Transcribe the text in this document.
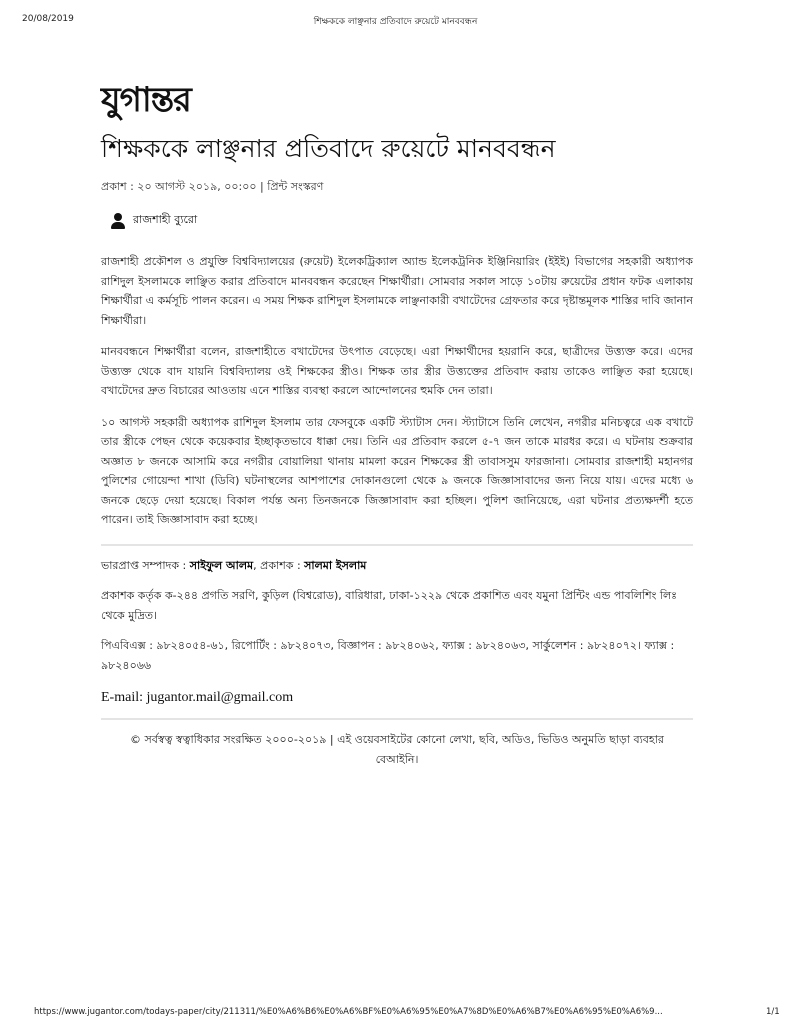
20/08/2019	শিক্ষককে লাঞ্ছনার প্রতিবাদে রুয়েটে মানববন্ধন
যুগান্তর
শিক্ষককে লাঞ্ছনার প্রতিবাদে রুয়েটে মানববন্ধন
প্রকাশ : ২০ আগস্ট ২০১৯, ০০:০০ | প্রিন্ট সংস্করণ
রাজশাহী ব্যুরো

রাজশাহী প্রকৌশল ও প্রযুক্তি বিশ্ববিদ্যালয়ের (রুয়েট) ইলেকট্রিক্যাল অ্যান্ড ইলেকট্রনিক ইঞ্জিনিয়ারিং (ইইই) বিভাগের সহকারী অধ্যাপক রাশিদুল ইসলামকে লাঞ্ছিত করার প্রতিবাদে মানববন্ধন করেছেন শিক্ষার্থীরা। সোমবার সকাল সাড়ে ১০টায় রুয়েটের প্রধান ফটক এলাকায় শিক্ষার্থীরা এ কর্মসূচি পালন করেন। এ সময় শিক্ষক রাশিদুল ইসলামকে লাঞ্ছনাকারী বখাটেদের গ্রেফতার করে দৃষ্টান্তমূলক শাস্তির দাবি জানান শিক্ষার্থীরা।

মানববন্ধনে শিক্ষার্থীরা বলেন, রাজশাহীতে বখাটেদের উৎপাত বেড়েছে। এরা শিক্ষার্থীদের হয়রানি করে, ছাত্রীদের উত্ত্যক্ত করে। এদের উত্ত্যক্ত থেকে বাদ যায়নি বিশ্ববিদ্যালয় ওই শিক্ষকের স্ত্রীও। শিক্ষক তার স্ত্রীর উত্ত্যক্তের প্রতিবাদ করায় তাকেও লাঞ্ছিত করা হয়েছে। বখাটেদের দ্রুত বিচারের আওতায় এনে শাস্তির ব্যবস্থা করলে আন্দোলনের হুমকি দেন তারা।

১০ আগস্ট সহকারী অধ্যাপক রাশিদুল ইসলাম তার ফেসবুকে একটি স্ট্যাটাস দেন। স্ট্যাটাসে তিনি লেখেন, নগরীর মনিচত্বরে এক বখাটে তার স্ত্রীকে পেছন থেকে কয়েকবার ইচ্ছাকৃতভাবে ধাক্কা দেয়। তিনি এর প্রতিবাদ করলে ৫-৭ জন তাকে মারধর করে। এ ঘটনায় শুক্রবার অজ্ঞাত ৮ জনকে আসামি করে নগরীর বোয়ালিয়া থানায় মামলা করেন শিক্ষকের স্ত্রী তাবাসসুম ফারজানা। সোমবার রাজশাহী মহানগর পুলিশের গোয়েন্দা শাখা (ডিবি) ঘটনাস্থলের আশপাশের দোকানগুলো থেকে ৯ জনকে জিজ্ঞাসাবাদের জন্য নিয়ে যায়। এদের মধ্যে ৬ জনকে ছেড়ে দেয়া হয়েছে। বিকাল পর্যন্ত অন্য তিনজনকে জিজ্ঞাসাবাদ করা হচ্ছিল। পুলিশ জানিয়েছে, এরা ঘটনার প্রত্যক্ষদর্শী হতে পারেন। তাই জিজ্ঞাসাবাদ করা হচ্ছে।

ভারপ্রাপ্ত সম্পাদক : সাইফুল আলম, প্রকাশক : সালমা ইসলাম
প্রকাশক কর্তৃক ক-২৪৪ প্রগতি সরণি, কুড়িল (বিশ্বরোড), বারিধারা, ঢাকা-১২২৯ থেকে প্রকাশিত এবং যমুনা প্রিন্টিং এন্ড পাবলিশিং লিঃ থেকে মুদ্রিত।
পিএবিএক্স : ৯৮২৪০৫৪-৬১, রিপোর্টিং : ৯৮২৪০৭৩, বিজ্ঞাপন : ৯৮২৪০৬২, ফ্যাক্স : ৯৮২৪০৬৩, সার্কুলেশন : ৯৮২৪০৭২। ফ্যাক্স : ৯৮২৪০৬৬
E-mail: jugantor.mail@gmail.com
© সর্বস্বত্ব স্বত্বাধিকার সংরক্ষিত ২০০০-২০১৯ | এই ওয়েবসাইটের কোনো লেখা, ছবি, অডিও, ভিডিও অনুমতি ছাড়া ব্যবহার বেআইনি।
https://www.jugantor.com/todays-paper/city/211311/%E0%A6%B6%E0%A6%BF%E0%A6%95%E0%A7%8D%E0%A6%B7%E0%A6%95%E0%A6%9...	1/1
